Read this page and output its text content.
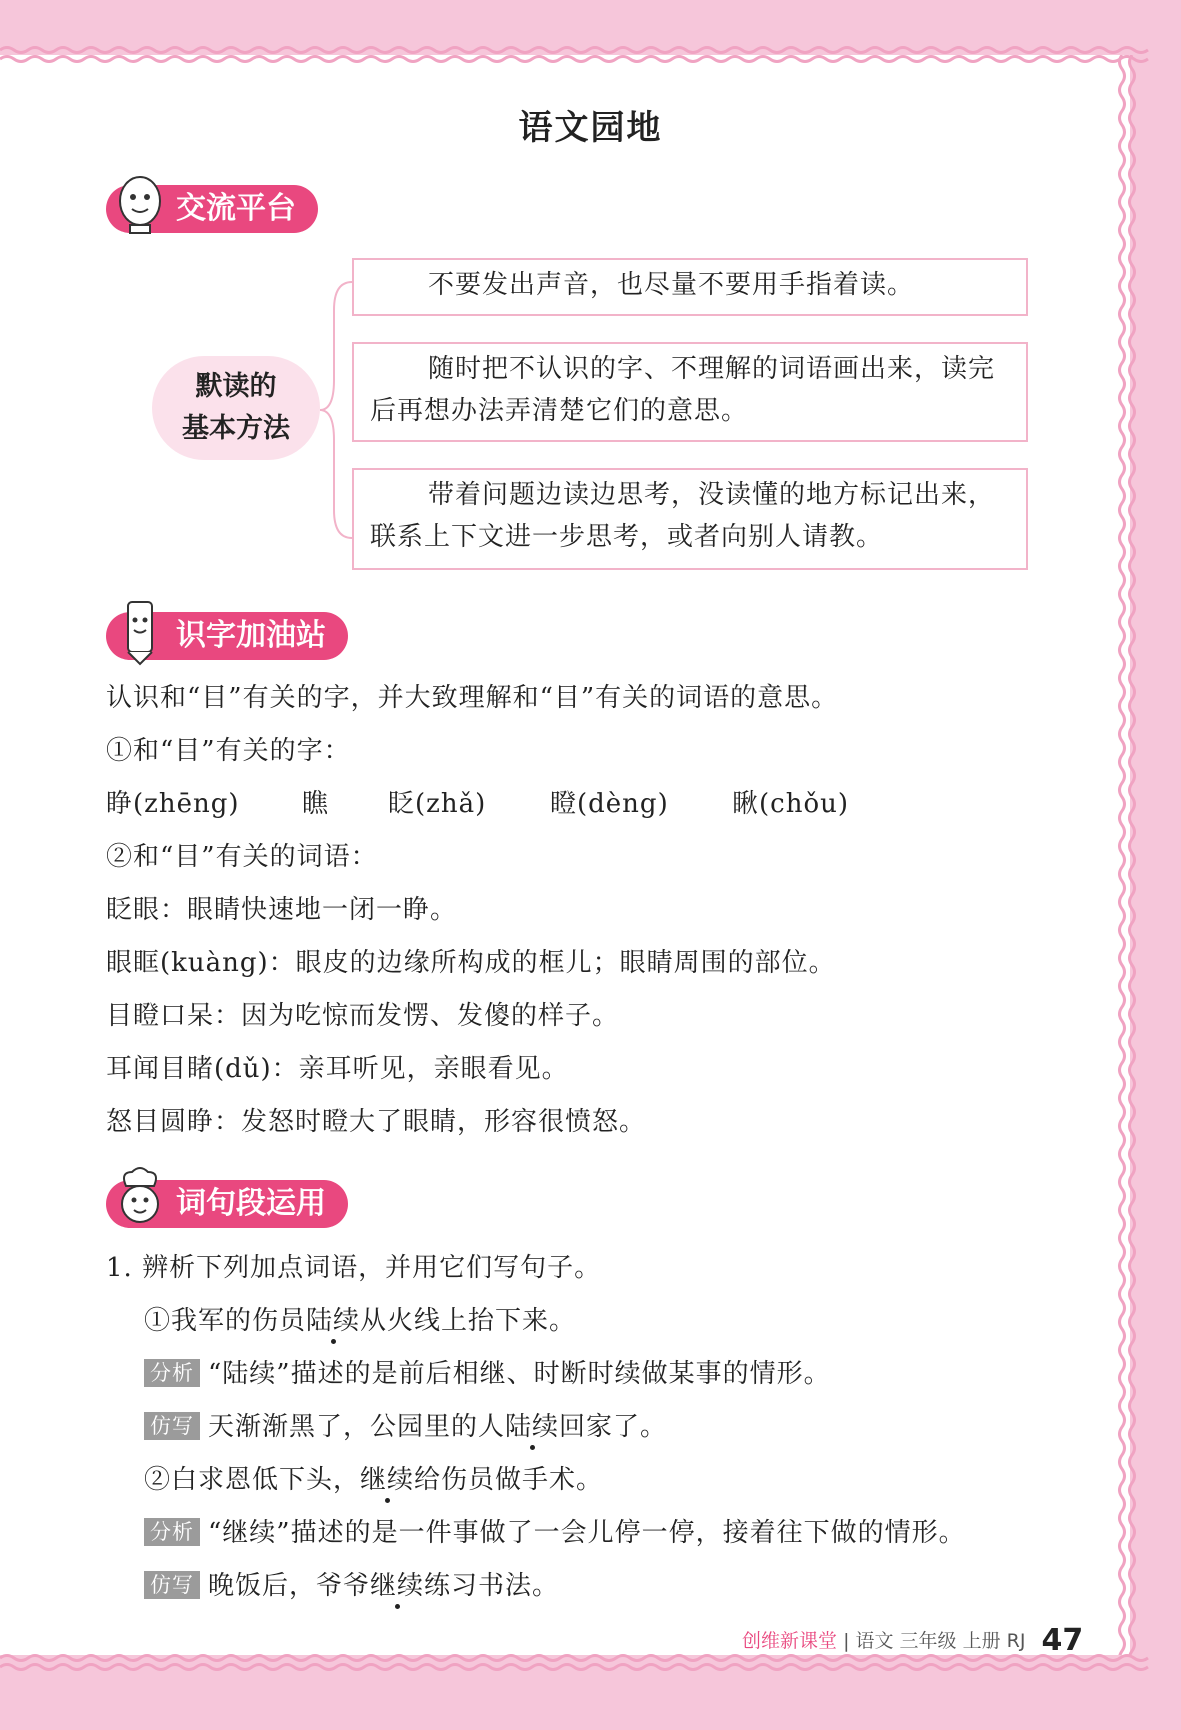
语文园地
交流平台
默读的
基本方法
不要发出声音，也尽量不要用手指着读。
随时把不认识的字、不理解的词语画出来，读完后再想办法弄清楚它们的意思。
带着问题边读边思考，没读懂的地方标记出来，联系上下文进一步思考，或者向别人请教。
识字加油站
认识和“目”有关的字，并大致理解和“目”有关的词语的意思。
①和“目”有关的字：
睁(zhēng) 瞧 眨(zhǎ) 瞪(dèng) 瞅(chǒu)
②和“目”有关的词语：
眨眼：眼睛快速地一闭一睁。
眼眶(kuàng)：眼皮的边缘所构成的框儿；眼睛周围的部位。
目瞪口呆：因为吃惊而发愣、发傻的样子。
耳闻目睹(dǔ)：亲耳听见，亲眼看见。
怒目圆睁：发怒时瞪大了眼睛，形容很愤怒。
词句段运用
1. 辨析下列加点词语，并用它们写句子。
①我军的伤员陆续从火线上抬下来。
分析 “陆续”描述的是前后相继、时断时续做某事的情形。
仿写 天渐渐黑了，公园里的人陆续回家了。
②白求恩低下头，继续给伤员做手术。
分析 “继续”描述的是一件事做了一会儿停一停，接着往下做的情形。
仿写 晚饭后，爷爷继续练习书法。
创维新课堂 | 语文 三年级 上册 RJ 47
